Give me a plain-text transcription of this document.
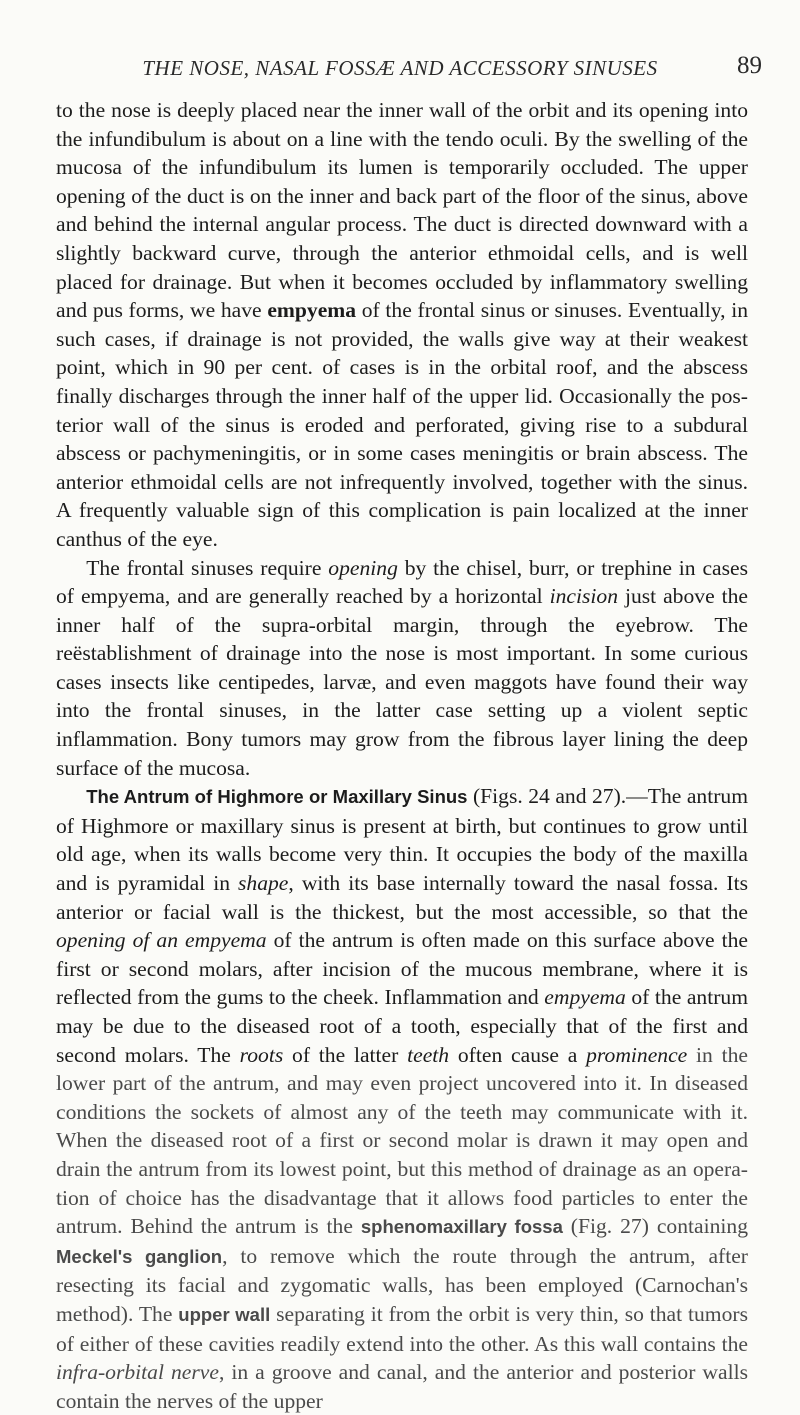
THE NOSE, NASAL FOSSÆ AND ACCESSORY SINUSES	89

to the nose is deeply placed near the inner wall of the orbit and its opening into the infundibulum is about on a line with the tendo oculi. By the swelling of the mucosa of the infundibulum its lumen is temporarily occluded. The upper opening of the duct is on the inner and back part of the floor of the sinus, above and behind the internal angular process. The duct is directed downward with a slightly backward curve, through the anterior ethmoidal cells, and is well placed for drainage. But when it becomes occluded by inflammatory swelling and pus forms, we have empyema of the frontal sinus or sinuses. Eventually, in such cases, if drainage is not provided, the walls give way at their weakest point, which in 90 per cent. of cases is in the orbital roof, and the abscess finally discharges through the inner half of the upper lid. Occasionally the posterior wall of the sinus is eroded and perforated, giving rise to a subdural abscess or pachymeningitis, or in some cases meningitis or brain abscess. The anterior ethmoidal cells are not infrequently involved, together with the sinus. A frequently valuable sign of this complication is pain localized at the inner canthus of the eye.

The frontal sinuses require opening by the chisel, burr, or trephine in cases of empyema, and are generally reached by a horizontal incision just above the inner half of the supra-orbital margin, through the eyebrow. The reëstablishment of drainage into the nose is most important. In some curious cases insects like centipedes, larvæ, and even maggots have found their way into the frontal sinuses, in the latter case setting up a violent septic inflammation. Bony tumors may grow from the fibrous layer lining the deep surface of the mucosa.

The Antrum of Highmore or Maxillary Sinus (Figs. 24 and 27).—The antrum of Highmore or maxillary sinus is present at birth, but continues to grow until old age, when its walls become very thin. It occupies the body of the maxilla and is pyramidal in shape, with its base internally toward the nasal fossa. Its anterior or facial wall is the thickest, but the most accessible, so that the opening of an empyema of the antrum is often made on this surface above the first or second molars, after incision of the mucous membrane, where it is reflected from the gums to the cheek. Inflammation and empyema of the antrum may be due to the diseased root of a tooth, especially that of the first and second molars. The roots of the latter teeth often cause a prominence in the lower part of the antrum, and may even project uncovered into it. In diseased conditions the sockets of almost any of the teeth may communicate with it. When the diseased root of a first or second molar is drawn it may open and drain the antrum from its lowest point, but this method of drainage as an operation of choice has the disadvantage that it allows food particles to enter the antrum. Behind the antrum is the sphenomaxillary fossa (Fig. 27) containing Meckel's ganglion, to remove which the route through the antrum, after resecting its facial and zygomatic walls, has been employed (Carnochan's method). The upper wall separating it from the orbit is very thin, so that tumors of either of these cavities readily extend into the other. As this wall contains the infra-orbital nerve, in a groove and canal, and the anterior and posterior walls contain the nerves of the upper
